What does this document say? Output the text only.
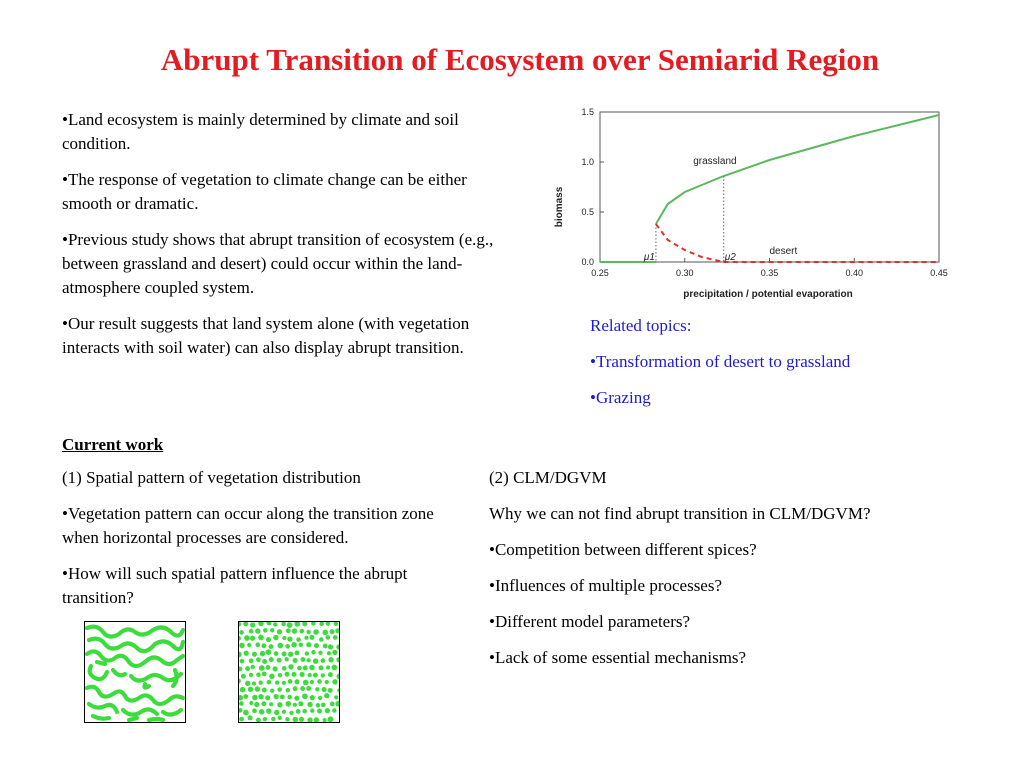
Abrupt Transition of Ecosystem over Semiarid Region

•Land ecosystem is mainly determined by climate and soil condition.

•The response of vegetation to climate change can be either smooth or dramatic.

•Previous study shows that abrupt transition of ecosystem (e.g., between grassland and desert) could occur within the land-atmosphere coupled system.

•Our result suggests that land system alone (with vegetation interacts with soil water) can also display abrupt transition.

0.25	0.30	0.35	0.40	0.45
0.0
0.5
1.0
1.5
μ1	μ2
grassland
desert
biomass
precipitation / potential evaporation

Related topics:

•Transformation of desert to grassland

•Grazing

Current work

(1) Spatial pattern of vegetation distribution

•Vegetation pattern can occur along the transition zone when horizontal processes are considered.

•How will such spatial pattern influence the abrupt transition?

(2) CLM/DGVM

Why we can not find abrupt transition in CLM/DGVM?

•Competition between different spices?

•Influences of multiple processes?

•Different model parameters?

•Lack of some essential mechanisms?
